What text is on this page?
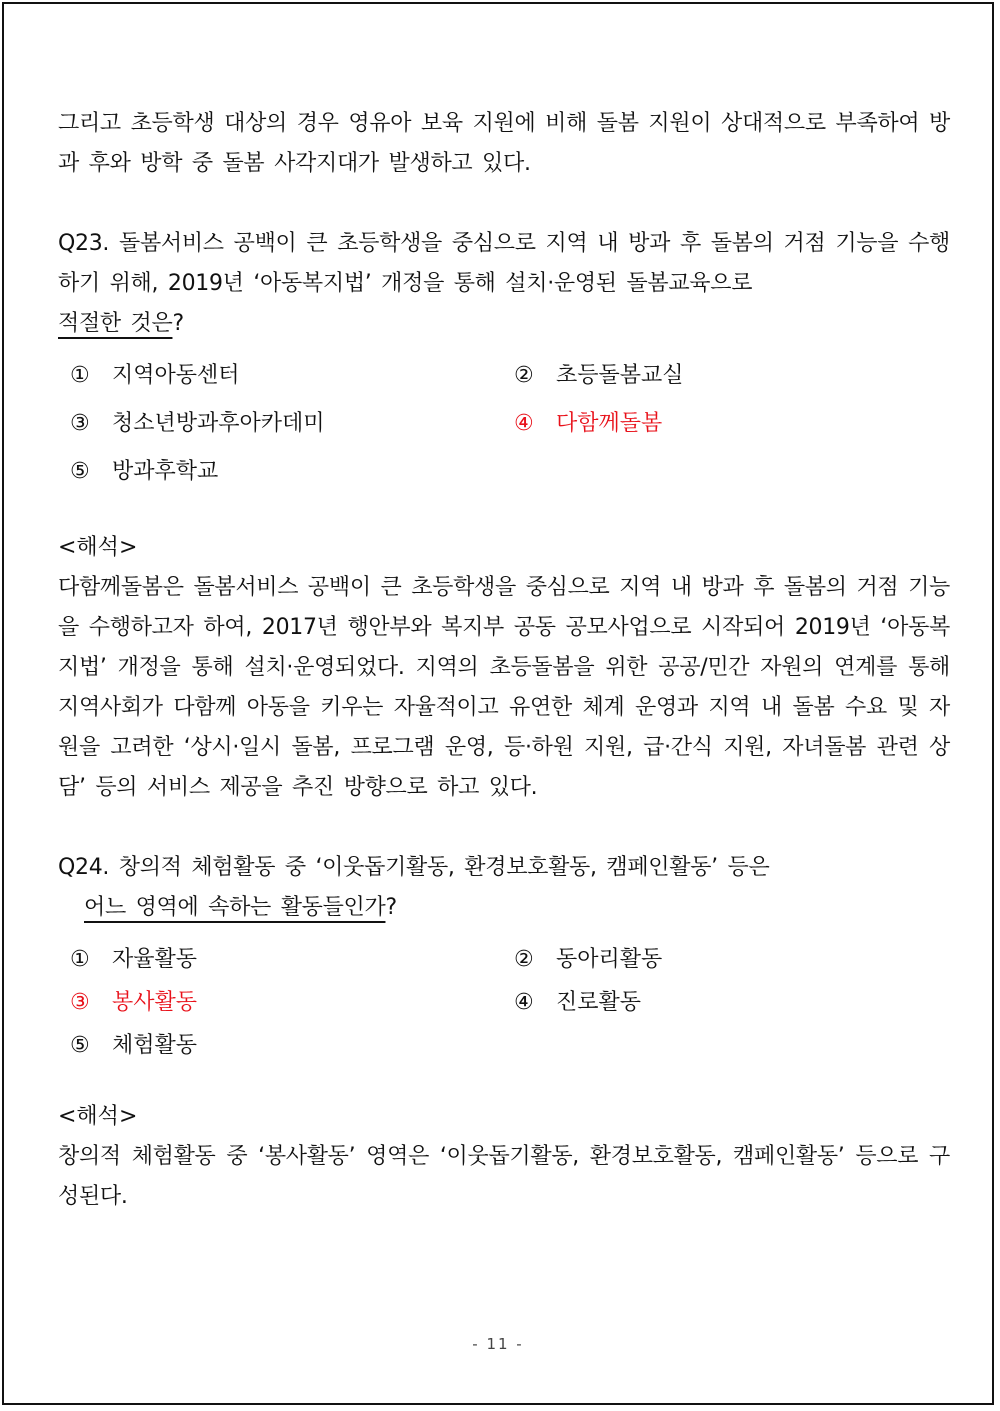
그리고 초등학생 대상의 경우 영유아 보육 지원에 비해 돌봄 지원이 상대적으로 부족하여 방과 후와 방학 중 돌봄 사각지대가 발생하고 있다.

Q23. 돌봄서비스 공백이 큰 초등학생을 중심으로 지역 내 방과 후 돌봄의 거점 기능을 수행하기 위해, 2019년 ‘아동복지법’ 개정을 통해 설치·운영된 돌봄교육으로
적절한 것은?

① 지역아동센터	② 초등돌봄교실
③ 청소년방과후아카데미	④ 다함께돌봄
⑤ 방과후학교

<해석>

다함께돌봄은 돌봄서비스 공백이 큰 초등학생을 중심으로 지역 내 방과 후 돌봄의 거점 기능을 수행하고자 하여, 2017년 행안부와 복지부 공동 공모사업으로 시작되어 2019년 ‘아동복지법’ 개정을 통해 설치·운영되었다. 지역의 초등돌봄을 위한 공공/민간 자원의 연계를 통해 지역사회가 다함께 아동을 키우는 자율적이고 유연한 체계 운영과 지역 내 돌봄 수요 및 자원을 고려한 ‘상시·일시 돌봄, 프로그램 운영, 등·하원 지원, 급·간식 지원, 자녀돌봄 관련 상담’ 등의 서비스 제공을 추진 방향으로 하고 있다.

Q24. 창의적 체험활동 중 ‘이웃돕기활동, 환경보호활동, 캠페인활동’ 등은
어느 영역에 속하는 활동들인가?

① 자율활동	② 동아리활동
③ 봉사활동	④ 진로활동
⑤ 체험활동

<해석>

창의적 체험활동 중 ‘봉사활동’ 영역은 ‘이웃돕기활동, 환경보호활동, 캠페인활동’ 등으로 구성된다.

- 11 -
